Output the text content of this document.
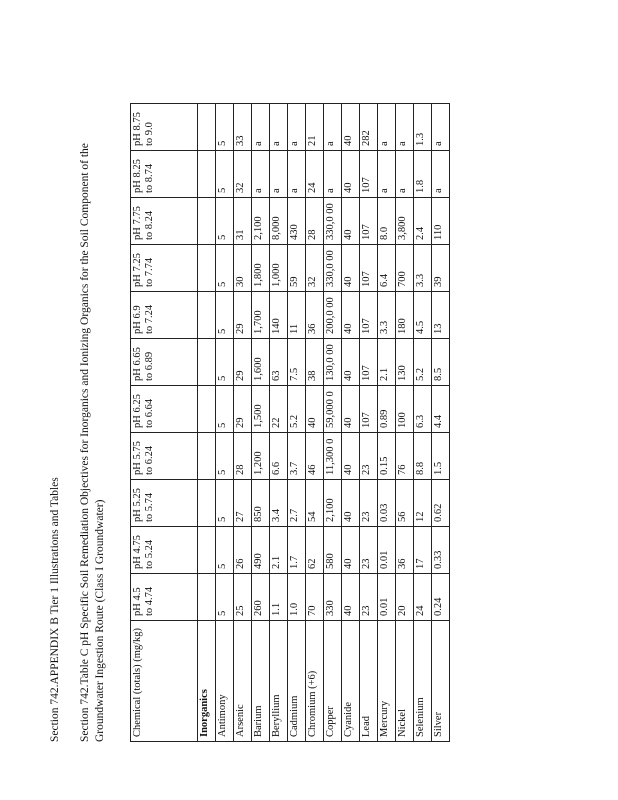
Section 742.APPENDIX B Tier 1 Illustrations and Tables Section 742.Table C pH Specific Soil Remediation Objectives for Inorganics and Ionizing Organics for the Soil Component of the Groundwater Ingestion Route (Class I Groundwater) Chemical (totals) (mg/kg)	pH 4.5 to 4.74	pH 4.75 to 5.24	pH 5.25 to 5.74	pH 5.75 to 6.24	pH 6.25 to 6.64	pH 6.65 to 6.89	pH 6.9 to 7.24	pH 7.25 to 7.74	pH 7.75 to 8.24	pH 8.25 to 8.74	pH 8.75 to 9.0
Inorganics											
Antimony	5	5	5	5	5	5	5	5	5	5	5
Arsenic	25	26	27	28	29	29	29	30	31	32	33
Barium	260	490	850	1,200	1,500	1,600	1,700	1,800	2,100	a	a
Beryllium	1.1	2.1	3.4	6.6	22	63	140	1,000	8,000	a	a
Cadmium	1.0	1.7	2.7	3.7	5.2	7.5	11	59	430	a	a
Chromium (+6)	70	62	54	46	40	38	36	32	28	24	21
Copper	330	580	2,100	11,300 0	59,000 0	130,0 00	200,0 00	330,0 00	330,0 00	a	a
Cyanide	40	40	40	40	40	40	40	40	40	40	40
Lead	23	23	23	23	107	107	107	107	107	107	282
Mercury	0.01	0.01	0.03	0.15	0.89	2.1	3.3	6.4	8.0	a	a
Nickel	20	36	56	76	100	130	180	700	3,800	a	a
Selenium	24	17	12	8.8	6.3	5.2	4.5	3.3	2.4	1.8	1.3
Silver	0.24	0.33	0.62	1.5	4.4	8.5	13	39	110	a	a
